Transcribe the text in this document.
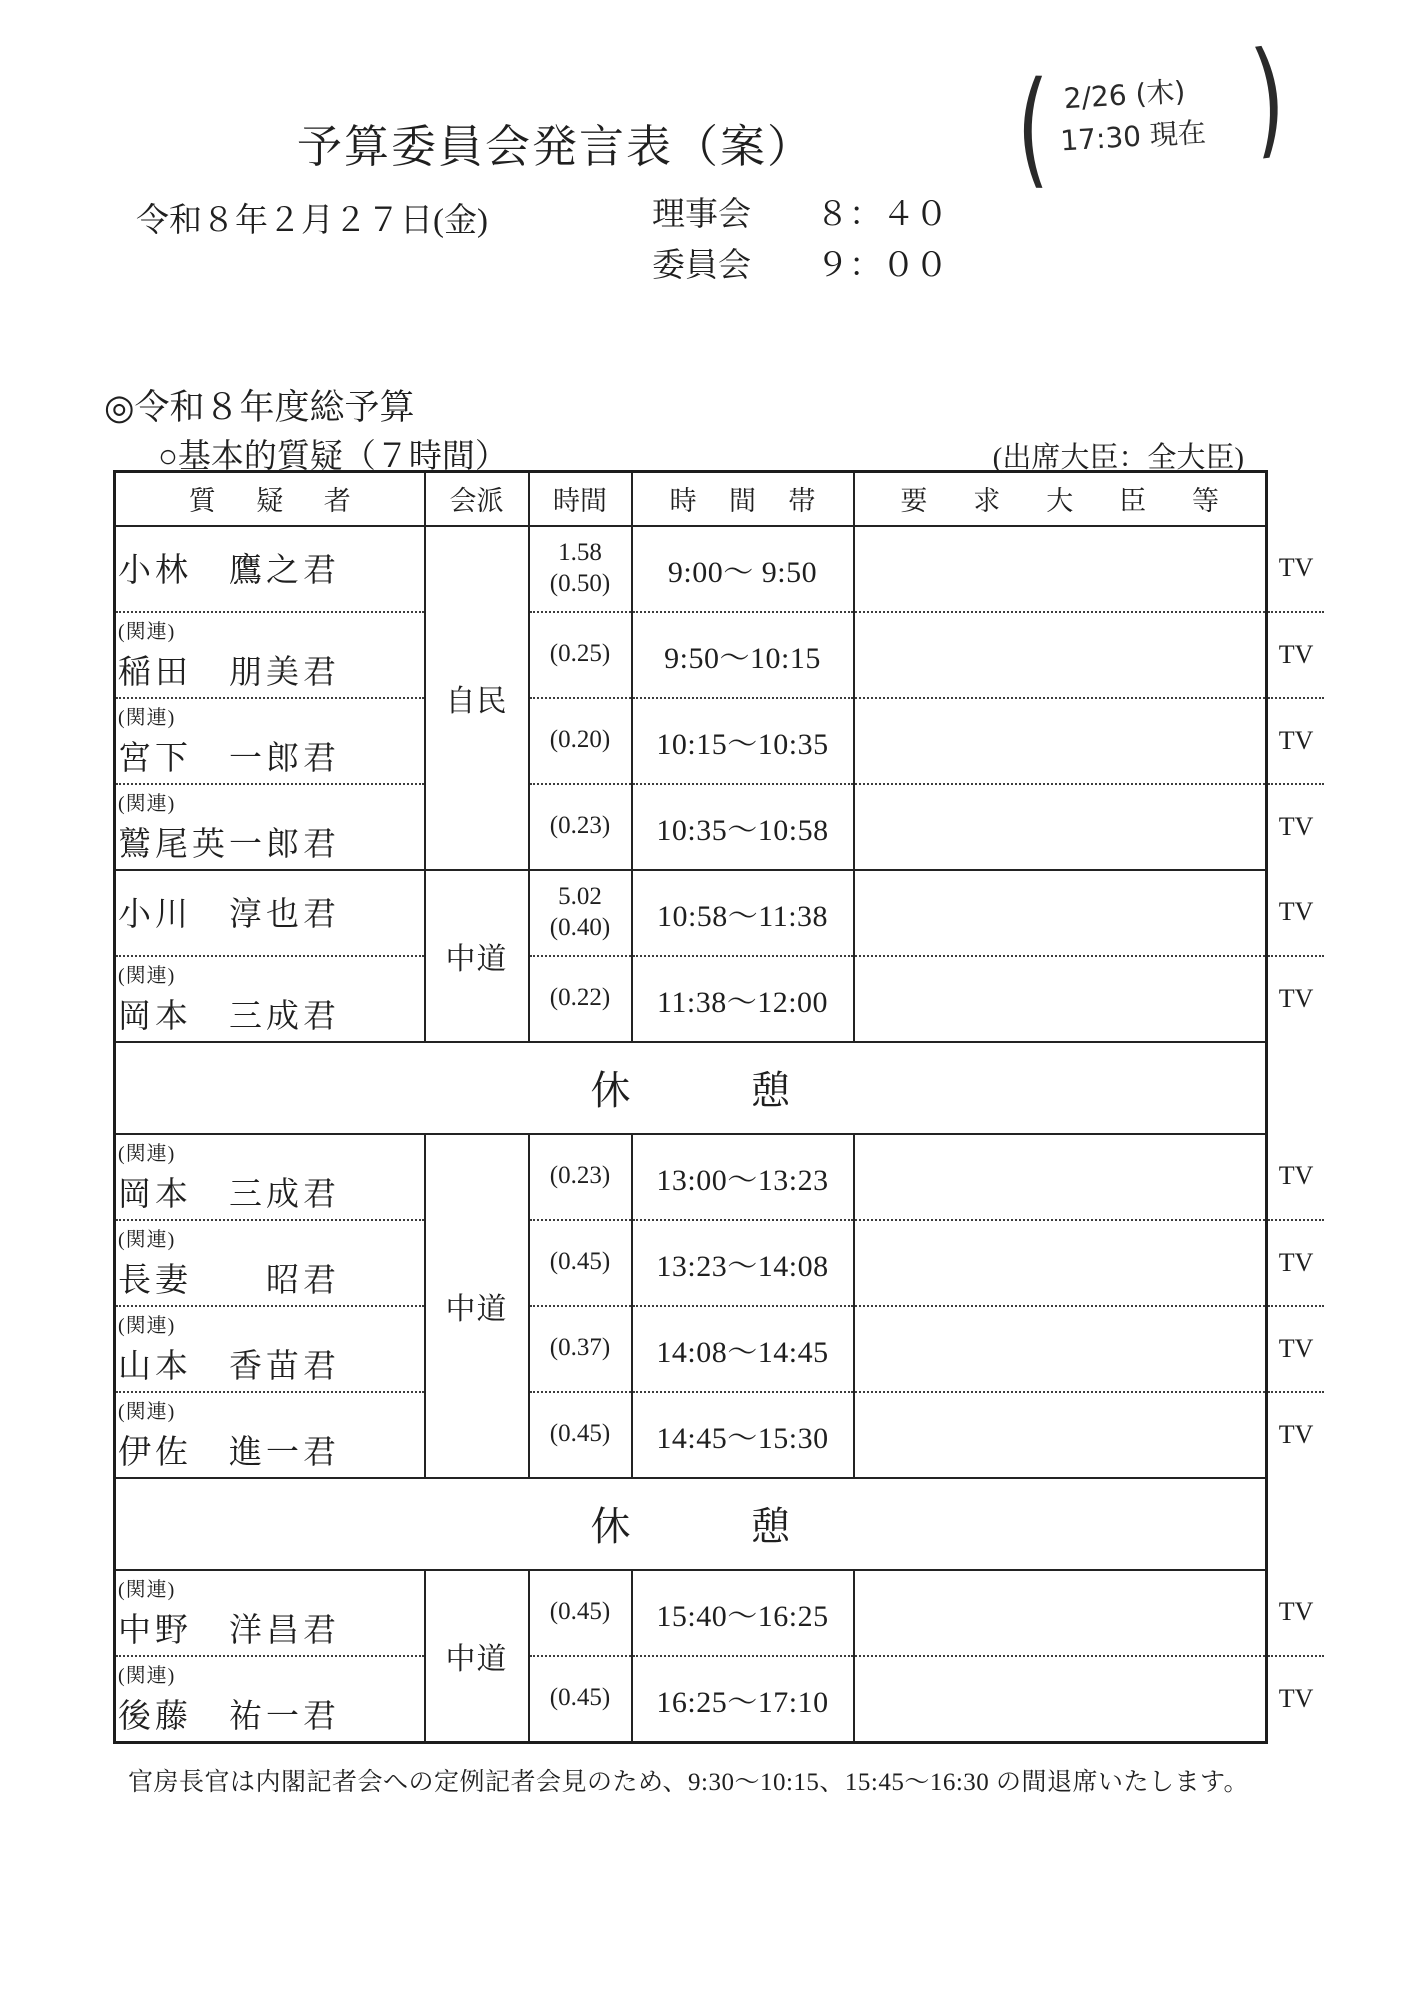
( 2/26 (木)
17:30 現在 )
予算委員会発言表（案）
令和８年２月２７日(金)	理事会	８：４０
委員会	９：００
◎令和８年度総予算
○基本的質疑（７時間）	(出席大臣：全大臣)
質疑者	会派	時間	時間帯	要求大臣等	

小林　鷹之君	自民	1.58
(0.50)	9:00～ 9:50		TV

(関連)
稲田　朋美君		(0.25)	9:50～10:15		TV

(関連)
宮下　一郎君		(0.20)	10:15～10:35		TV

(関連)
鷲尾英一郎君		(0.23)	10:35～10:58		TV

小川　淳也君	中道	5.02
(0.40)	10:58～11:38		TV

(関連)
岡本　三成君		(0.22)	11:38～12:00		TV
休憩					

(関連)
岡本　三成君	中道	(0.23)	13:00～13:23		TV

(関連)
長妻　　昭君		(0.45)	13:23～14:08		TV

(関連)
山本　香苗君		(0.37)	14:08～14:45		TV

(関連)
伊佐　進一君		(0.45)	14:45～15:30		TV
休憩					

(関連)
中野　洋昌君	中道	(0.45)	15:40～16:25		TV

(関連)
後藤　祐一君		(0.45)	16:25～17:10		TV
官房長官は内閣記者会への定例記者会見のため、9:30～10:15、15:45～16:30 の間退席いたします。
